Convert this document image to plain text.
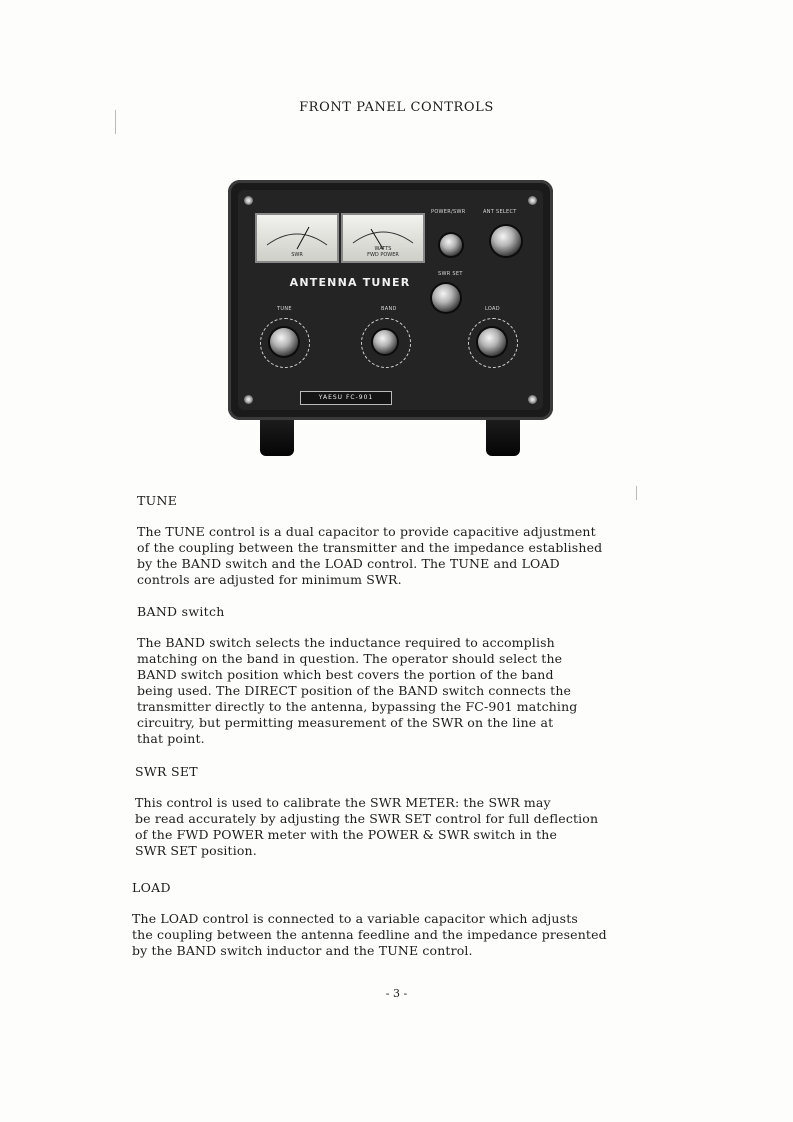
FRONT PANEL CONTROLS
SWR
WATTS
FWD POWER
POWER/SWR	ANT SELECT
ANTENNA TUNER
SWR SET
TUNE	BAND	LOAD
YAESU FC-901
TUNE
The TUNE control is a dual capacitor to provide capacitive adjustment
of the coupling between the transmitter and the impedance established
by the BAND switch and the LOAD control. The TUNE and LOAD
controls are adjusted for minimum SWR.
BAND switch
The BAND switch selects the inductance required to accomplish
matching on the band in question. The operator should select the
BAND switch position which best covers the portion of the band
being used. The DIRECT position of the BAND switch connects the
transmitter directly to the antenna, bypassing the FC-901 matching
circuitry, but permitting measurement of the SWR on the line at
that point.
SWR SET
This control is used to calibrate the SWR METER: the SWR may
be read accurately by adjusting the SWR SET control for full deflection
of the FWD POWER meter with the POWER & SWR switch in the
SWR SET position.
LOAD
The LOAD control is connected to a variable capacitor which adjusts
the coupling between the antenna feedline and the impedance presented
by the BAND switch inductor and the TUNE control.
- 3 -
